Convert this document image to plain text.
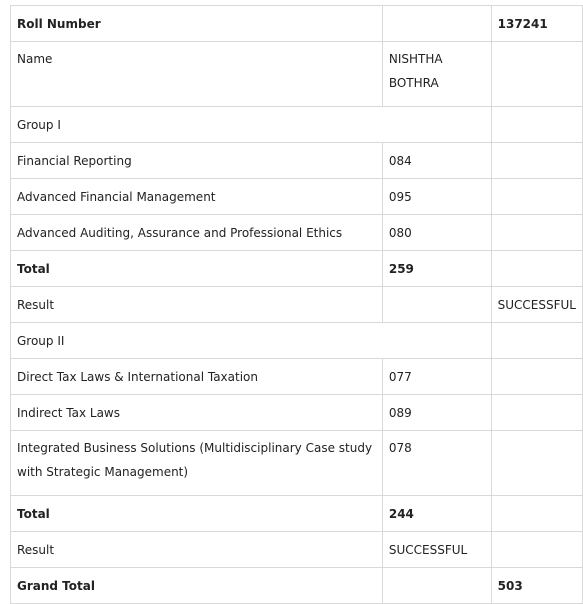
Roll Number		137241
Name	NISHTHA BOTHRA	
Group I		
Financial Reporting	084	
Advanced Financial Management	095	
Advanced Auditing, Assurance and Professional Ethics	080	
Total	259	
Result		SUCCESSFUL
Group II		
Direct Tax Laws & International Taxation	077	
Indirect Tax Laws	089	
Integrated Business Solutions (Multidisciplinary Case study with Strategic Management)	078	
Total	244	
Result	SUCCESSFUL	
Grand Total		503
